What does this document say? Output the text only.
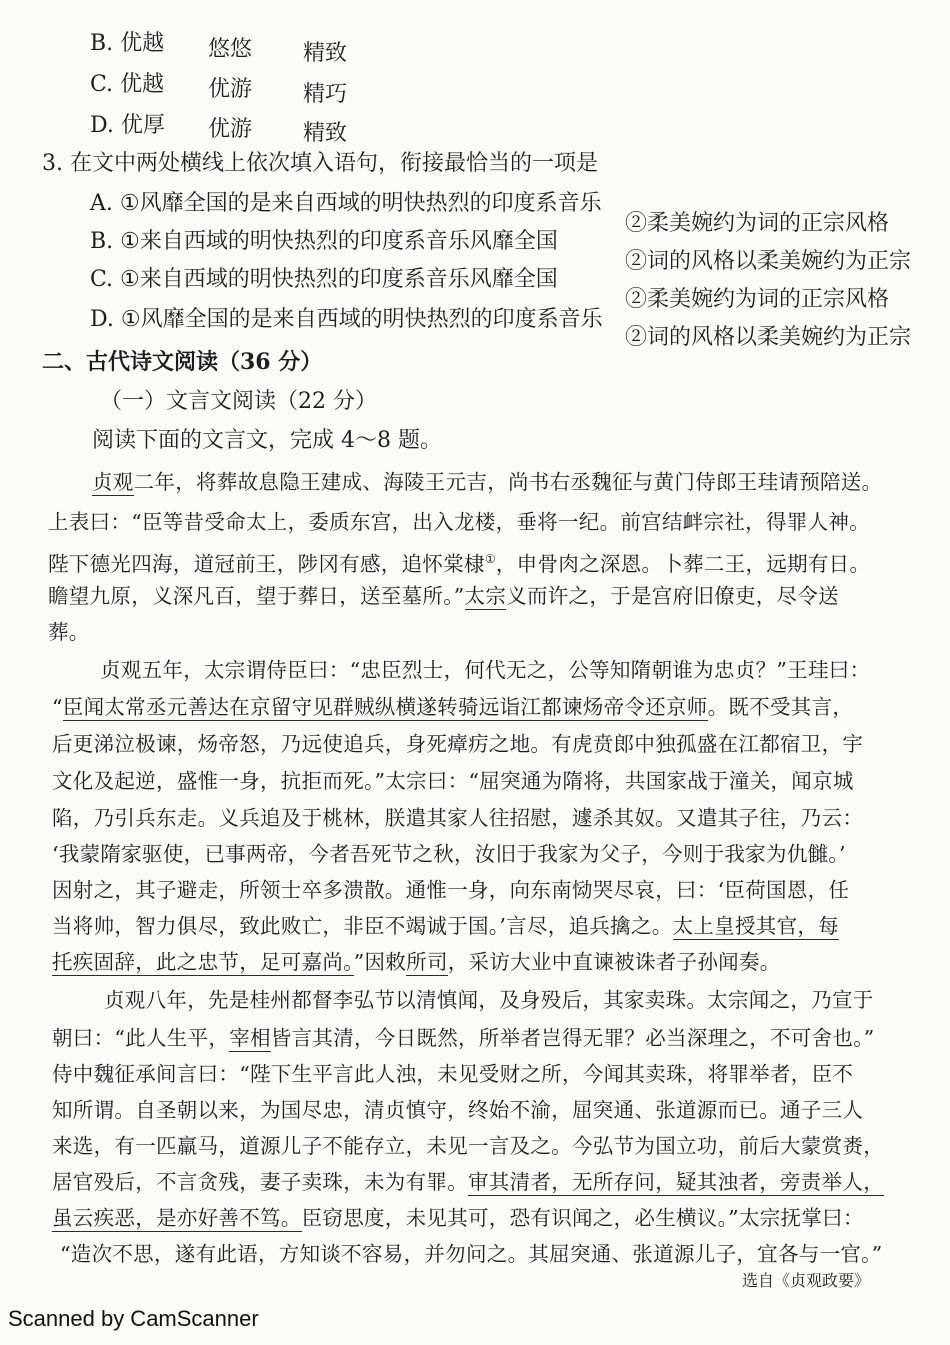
B. 优越 悠悠 精致
C. 优越 优游 精巧
D. 优厚 优游 精致
3. 在文中两处横线上依次填入语句，衔接最恰当的一项是
A. ①风靡全国的是来自西域的明快热烈的印度系音乐
②柔美婉约为词的正宗风格
B. ①来自西域的明快热烈的印度系音乐风靡全国
②词的风格以柔美婉约为正宗
C. ①来自西域的明快热烈的印度系音乐风靡全国
②柔美婉约为词的正宗风格
D. ①风靡全国的是来自西域的明快热烈的印度系音乐
②词的风格以柔美婉约为正宗
二、古代诗文阅读（36 分）
（一）文言文阅读（22 分）
阅读下面的文言文，完成 4～8 题。
贞观二年，将葬故息隐王建成、海陵王元吉，尚书右丞魏征与黄门侍郎王珪请预陪送。
上表曰：“臣等昔受命太上，委质东宫，出入龙楼，垂将一纪。前宫结衅宗社，得罪人神。
陛下德光四海，道冠前王，陟冈有感，追怀棠棣①，申骨肉之深恩。卜葬二王，远期有日。
瞻望九原，义深凡百，望于葬日，送至墓所。”太宗义而许之，于是宫府旧僚吏，尽令送
葬。
贞观五年，太宗谓侍臣曰：“忠臣烈士，何代无之，公等知隋朝谁为忠贞？”王珪曰：
“臣闻太常丞元善达在京留守见群贼纵横遂转骑远诣江都谏炀帝令还京师。既不受其言，
后更涕泣极谏，炀帝怒，乃远使追兵，身死瘴疠之地。有虎贲郎中独孤盛在江都宿卫，宇
文化及起逆，盛惟一身，抗拒而死。”太宗曰：“屈突通为隋将，共国家战于潼关，闻京城
陷，乃引兵东走。义兵追及于桃林，朕遣其家人往招慰，遽杀其奴。又遣其子往，乃云：
‘我蒙隋家驱使，已事两帝，今者吾死节之秋，汝旧于我家为父子，今则于我家为仇雠。’
因射之，其子避走，所领士卒多溃散。通惟一身，向东南恸哭尽哀，曰：‘臣荷国恩，任
当将帅，智力俱尽，致此败亡，非臣不竭诚于国。’言尽，追兵擒之。太上皇授其官，每
托疾固辞，此之忠节，足可嘉尚。”因敕所司，采访大业中直谏被诛者子孙闻奏。
贞观八年，先是桂州都督李弘节以清慎闻，及身殁后，其家卖珠。太宗闻之，乃宣于
朝曰：“此人生平，宰相皆言其清，今日既然，所举者岂得无罪？必当深理之，不可舍也。”
侍中魏征承间言曰：“陛下生平言此人浊，未见受财之所，今闻其卖珠，将罪举者，臣不
知所谓。自圣朝以来，为国尽忠，清贞慎守，终始不渝，屈突通、张道源而已。通子三人
来选，有一匹羸马，道源儿子不能存立，未见一言及之。今弘节为国立功，前后大蒙赏赉，
居官殁后，不言贪残，妻子卖珠，未为有罪。审其清者，无所存问，疑其浊者，旁责举人，
虽云疾恶，是亦好善不笃。臣窃思度，未见其可，恐有识闻之，必生横议。”太宗抚掌曰：
“造次不思，遂有此语，方知谈不容易，并勿问之。其屈突通、张道源儿子，宜各与一官。”
选自《贞观政要》
Scanned by CamScanner
